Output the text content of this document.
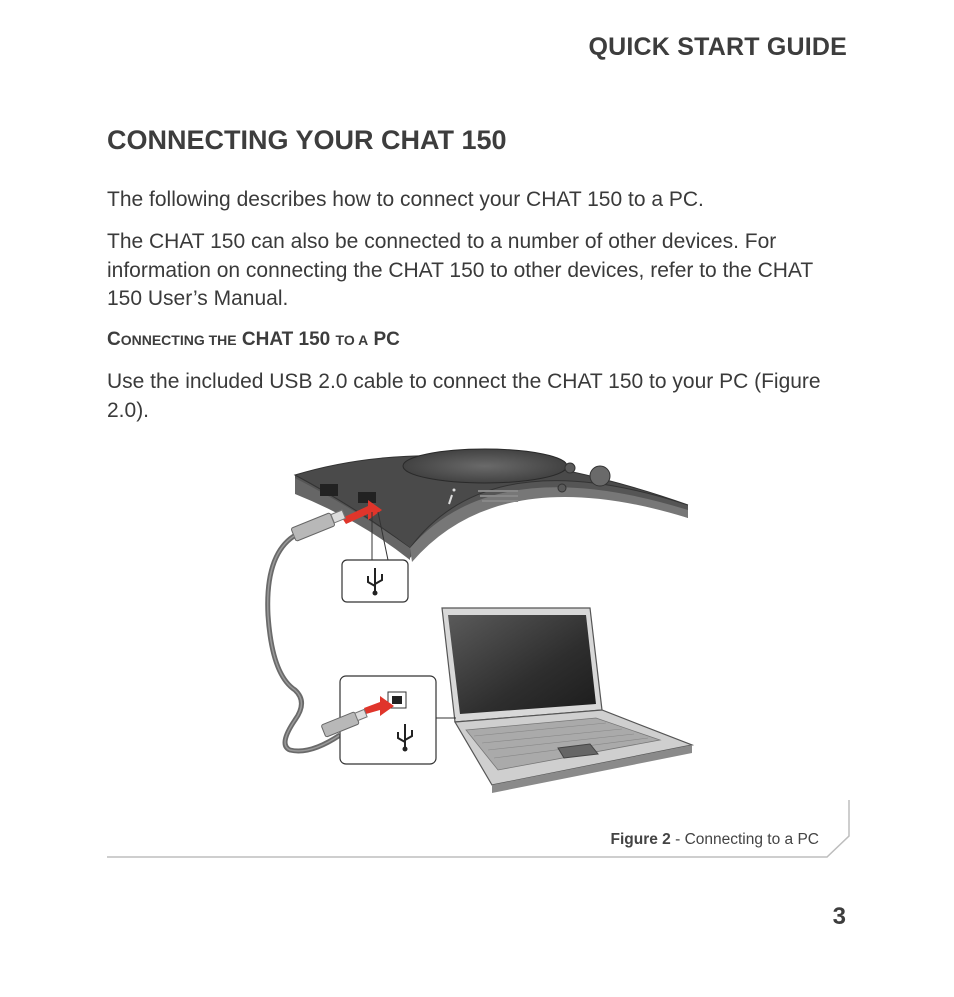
QUICK START GUIDE
CONNECTING YOUR CHAT 150

The following describes how to connect your CHAT 150 to a PC.

The CHAT 150 can also be connected to a number of other devices. For information on connecting the CHAT 150 to other devices, refer to the CHAT 150 User’s Manual.

CONNECTING THE CHAT 150 TO A PC

Use the included USB 2.0 cable to connect the CHAT 150 to your PC (Figure 2.0).

Figure 2 - Connecting to a PC
3
